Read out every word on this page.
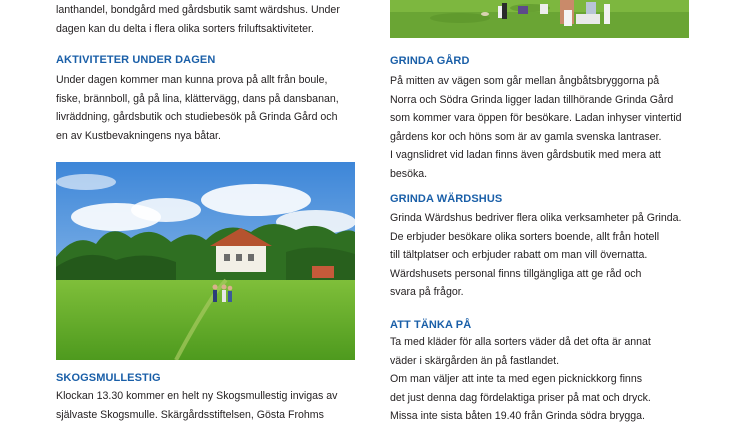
lanthandel, bondgård med gårdsbutik samt wärdshus. Under

dagen kan du delta i flera olika sorters friluftsaktiviteter.

AKTIVITETER UNDER DAGEN

Under dagen kommer man kunna prova på allt från boule,

fiske, brännboll, gå på lina, klättervägg, dans på dansbanan,

livräddning, gårdsbutik och studiebesök på Grinda Gård och

en av Kustbevakningens nya båtar.

SKOGSMULLESTIG

Klockan 13.30 kommer en helt ny Skogsmullestig invigas av

självaste Skogsmulle. Skärgårdsstiftelsen, Gösta Frohms

GRINDA GÅRD

På mitten av vägen som går mellan ångbåtsbryggorna på

Norra och Södra Grinda ligger ladan tillhörande Grinda Gård

som kommer vara öppen för besökare. Ladan inhyser vintertid

gårdens kor och höns som är av gamla svenska lantraser.

I vagnslidret vid ladan finns även gårdsbutik med mera att

besöka.

GRINDA WÄRDSHUS

Grinda Wärdshus bedriver flera olika verksamheter på Grinda.

De erbjuder besökare olika sorters boende, allt från hotell

till tältplatser och erbjuder rabatt om man vill övernatta.

Wärdshusets personal finns tillgängliga att ge råd och

svara på frågor.

ATT TÄNKA PÅ

Ta med kläder för alla sorters väder då det ofta är annat

väder i skärgården än på fastlandet.

Om man väljer att inte ta med egen picknickkorg finns

det just denna dag fördelaktiga priser på mat och dryck.

Missa inte sista båten 19.40 från Grinda södra brygga.
